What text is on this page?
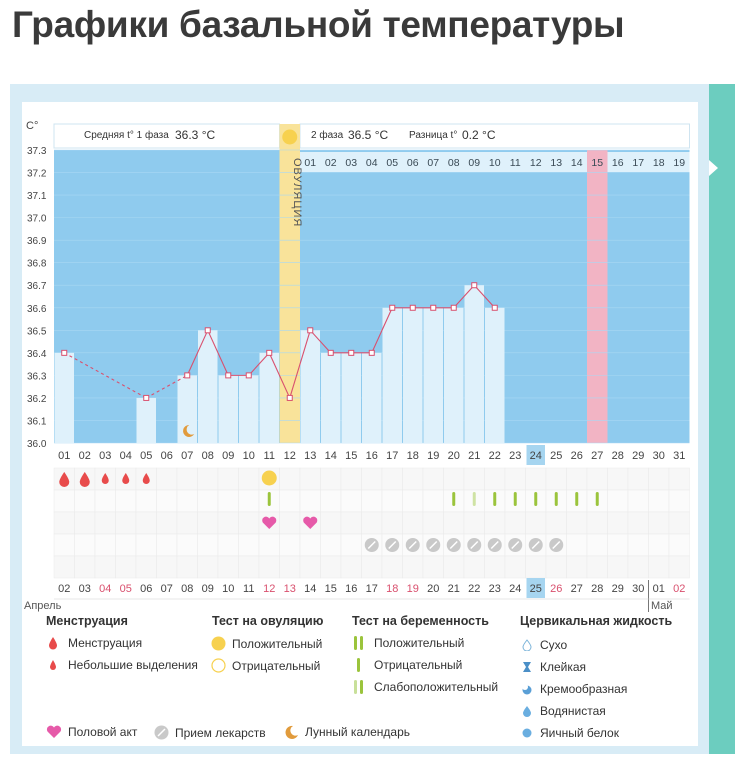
Графики базальной температуры
ОВУЛЯЦИЯ 01 02 03 04 05 06 07 08 09 10 11 12 13 14 15 16 17 18 19
37.3
37.2
37.1
37.0
36.9
36.8
36.7
36.6
36.5
36.4
36.3
36.2
36.1
36.0
01 02 03 04 05 06 07 08 09 10 11 12 13 14 15 16 17 18 19 20 21 22 23 24 25 26 27 28 29 30 31
02 03 04 05 06 07 08 09 10 11 12 13 14 15 16 17 18 19 20 21 22 23 24 25 26 27 28 29 30 01 02
С°
Средняя t° 1 фаза 36.3 °С	2 фаза 36.5 °С Разница t° 0.2 °С
Апрель	Май
Менструация
Менструация
Небольшие выделения
Тест на овуляцию
Положительный
Отрицательный
Тест на беременность
Положительный
Отрицательный
Слабоположительный
Цервикальная жидкость
Сухо
Клейкая
Кремообразная
Водянистая
Яичный белок
Половой акт	Прием лекарств	Лунный календарь
